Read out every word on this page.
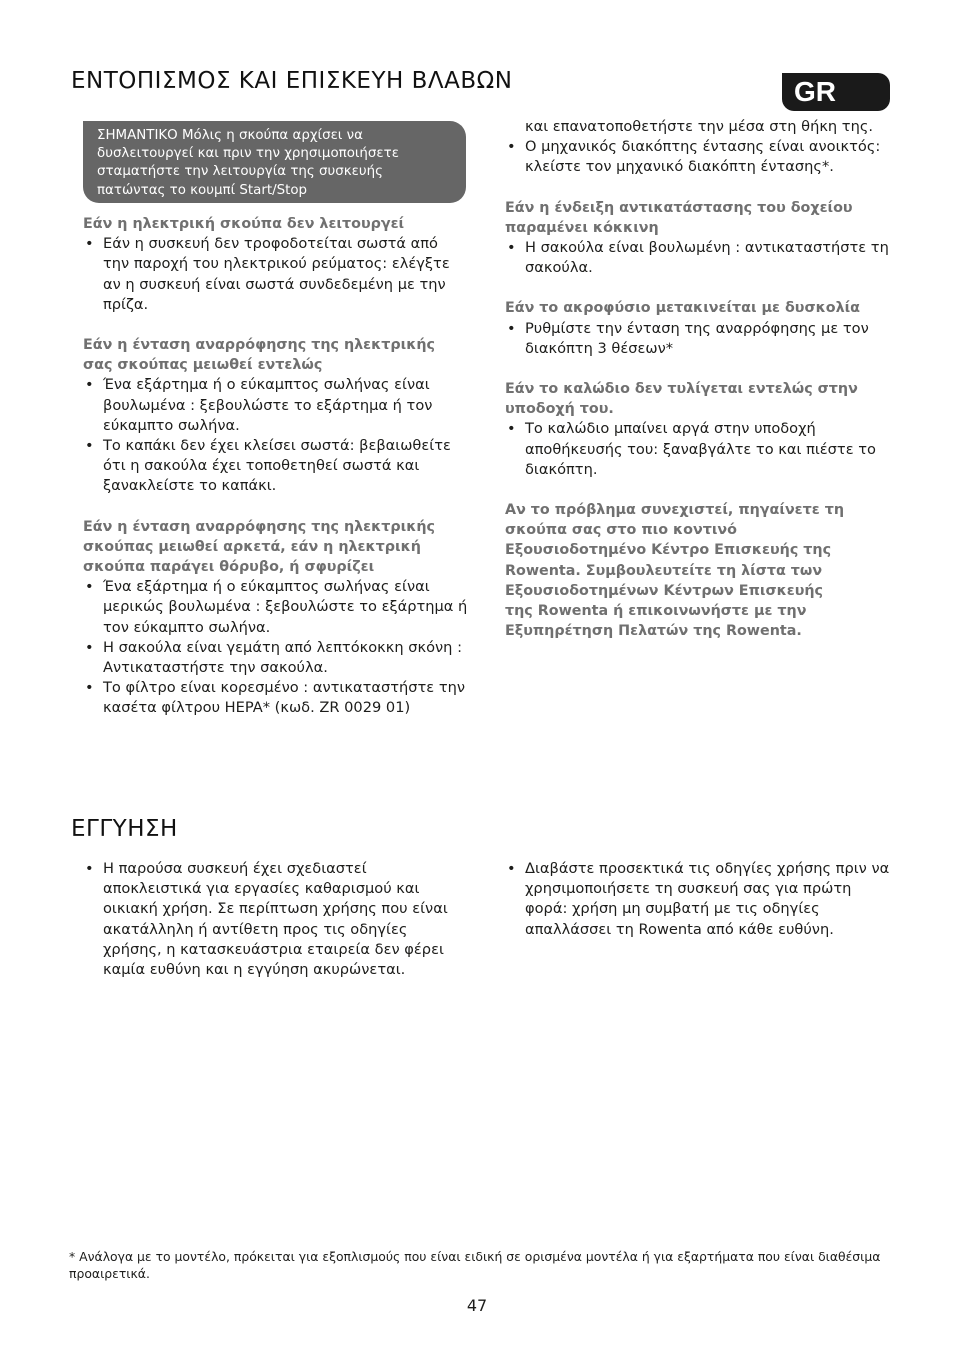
ΕΝΤΟΠΙΣΜΟΣ ΚΑΙ ΕΠΙΣΚΕΥΗ ΒΛΑΒΩΝ	GR
ΣΗΜΑΝΤΙΚΟ Μόλις η σκούπα αρχίσει να δυσλειτουργεί και πριν την χρησιμοποιήσετε σταματήστε την λειτουργία της συσκευής πατώντας το κουμπί Start/Stop

Εάν η ηλεκτρική σκούπα δεν λειτουργεί

• Εάν η συσκευή δεν τροφοδοτείται σωστά από την παροχή του ηλεκτρικού ρεύματος: ελέγξτε αν η συσκευή είναι σωστά συνδεδεμένη με την πρίζα.

Εάν η ένταση αναρρόφησης της ηλεκτρικής σας σκούπας μειωθεί εντελώς

• Ένα εξάρτημα ή ο εύκαμπτος σωλήνας είναι βουλωμένα : ξεβουλώστε το εξάρτημα ή τον εύκαμπτο σωλήνα.
• Το καπάκι δεν έχει κλείσει σωστά: βεβαιωθείτε ότι η σακούλα έχει τοποθετηθεί σωστά και ξανακλείστε το καπάκι.

Εάν η ένταση αναρρόφησης της ηλεκτρικής σκούπας μειωθεί αρκετά, εάν η ηλεκτρική σκούπα παράγει θόρυβο, ή σφυρίζει

• Ένα εξάρτημα ή ο εύκαμπτος σωλήνας είναι μερικώς βουλωμένα : ξεβουλώστε το εξάρτημα ή τον εύκαμπτο σωλήνα.
• Η σακούλα είναι γεμάτη από λεπτόκοκκη σκόνη : Αντικαταστήστε την σακούλα.
• Το φίλτρο είναι κορεσμένο : αντικαταστήστε την κασέτα φίλτρου HEPA* (κωδ. ZR 0029 01)
και επανατοποθετήστε την μέσα στη θήκη της.
• Ο μηχανικός διακόπτης έντασης είναι ανοικτός: κλείστε τον μηχανικό διακόπτη έντασης*.

Εάν η ένδειξη αντικατάστασης του δοχείου παραμένει κόκκινη

• Η σακούλα είναι βουλωμένη : αντικαταστήστε τη σακούλα.

Εάν το ακροφύσιο μετακινείται με δυσκολία

• Ρυθμίστε την ένταση της αναρρόφησης με τον διακόπτη 3 θέσεων*

Εάν το καλώδιο δεν τυλίγεται εντελώς στην υποδοχή του.

• Το καλώδιο μπαίνει αργά στην υποδοχή αποθήκευσής του: ξαναβγάλτε το και πιέστε το διακόπτη.

Αν το πρόβλημα συνεχιστεί, πηγαίνετε τη σκούπα σας στο πιο κοντινό Εξουσιοδοτημένο Κέντρο Επισκευής της Rowenta. Συμβουλευτείτε τη λίστα των Εξουσιοδοτημένων Κέντρων Επισκευής της Rowenta ή επικοινωνήστε με την Εξυπηρέτηση Πελατών της Rowenta.

ΕΓΓΥΗΣΗ
• Η παρούσα συσκευή έχει σχεδιαστεί αποκλειστικά για εργασίες καθαρισμού και οικιακή χρήση. Σε περίπτωση χρήσης που είναι ακατάλληλη ή αντίθετη προς τις οδηγίες χρήσης, η κατασκευάστρια εταιρεία δεν φέρει καμία ευθύνη και η εγγύηση ακυρώνεται.
• Διαβάστε προσεκτικά τις οδηγίες χρήσης πριν να χρησιμοποιήσετε τη συσκευή σας για πρώτη φορά: χρήση μη συμβατή με τις οδηγίες απαλλάσσει τη Rowenta από κάθε ευθύνη.
* Ανάλογα με το μοντέλο, πρόκειται για εξοπλισμούς που είναι ειδική σε ορισμένα μοντέλα ή για εξαρτήματα που είναι διαθέσιμα προαιρετικά.
47
